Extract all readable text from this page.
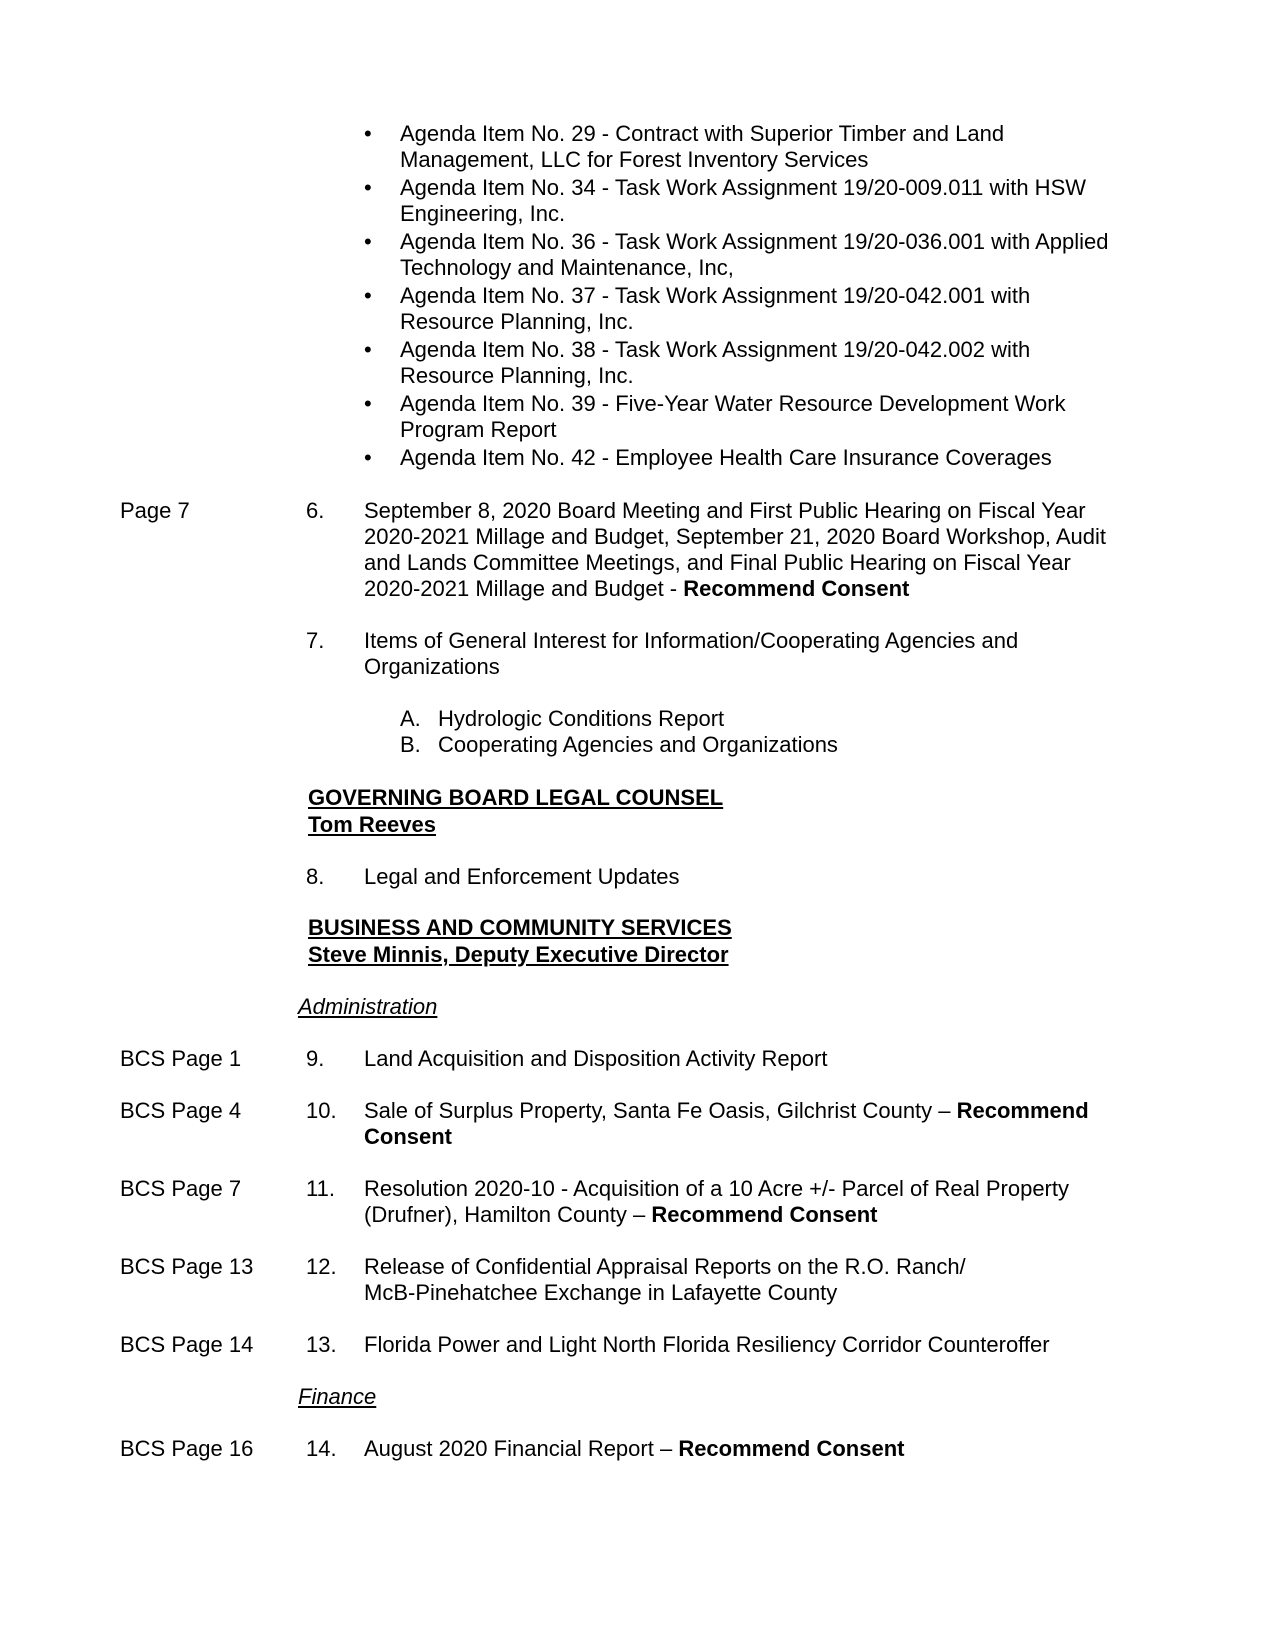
• Agenda Item No. 29 - Contract with Superior Timber and Land
Management, LLC for Forest Inventory Services
• Agenda Item No. 34 - Task Work Assignment 19/20-009.011 with HSW
Engineering, Inc.
• Agenda Item No. 36 - Task Work Assignment 19/20-036.001 with Applied
Technology and Maintenance, Inc,
• Agenda Item No. 37 - Task Work Assignment 19/20-042.001 with
Resource Planning, Inc.
• Agenda Item No. 38 - Task Work Assignment 19/20-042.002 with
Resource Planning, Inc.
• Agenda Item No. 39 - Five-Year Water Resource Development Work
Program Report
• Agenda Item No. 42 - Employee Health Care Insurance Coverages
Page 7	6. September 8, 2020 Board Meeting and First Public Hearing on Fiscal Year
2020-2021 Millage and Budget, September 21, 2020 Board Workshop, Audit
and Lands Committee Meetings, and Final Public Hearing on Fiscal Year
2020-2021 Millage and Budget - Recommend Consent
7. Items of General Interest for Information/Cooperating Agencies and
Organizations
A. Hydrologic Conditions Report
B. Cooperating Agencies and Organizations
GOVERNING BOARD LEGAL COUNSEL
Tom Reeves
8. Legal and Enforcement Updates
BUSINESS AND COMMUNITY SERVICES
Steve Minnis, Deputy Executive Director
Administration
BCS Page 1	9. Land Acquisition and Disposition Activity Report
BCS Page 4	10. Sale of Surplus Property, Santa Fe Oasis, Gilchrist County – Recommend
Consent
BCS Page 7	11. Resolution 2020-10 - Acquisition of a 10 Acre +/- Parcel of Real Property
(Drufner), Hamilton County – Recommend Consent
BCS Page 13 12. Release of Confidential Appraisal Reports on the R.O. Ranch/
McB-Pinehatchee Exchange in Lafayette County
BCS Page 14 13. Florida Power and Light North Florida Resiliency Corridor Counteroffer
Finance
BCS Page 16 14. August 2020 Financial Report – Recommend Consent
